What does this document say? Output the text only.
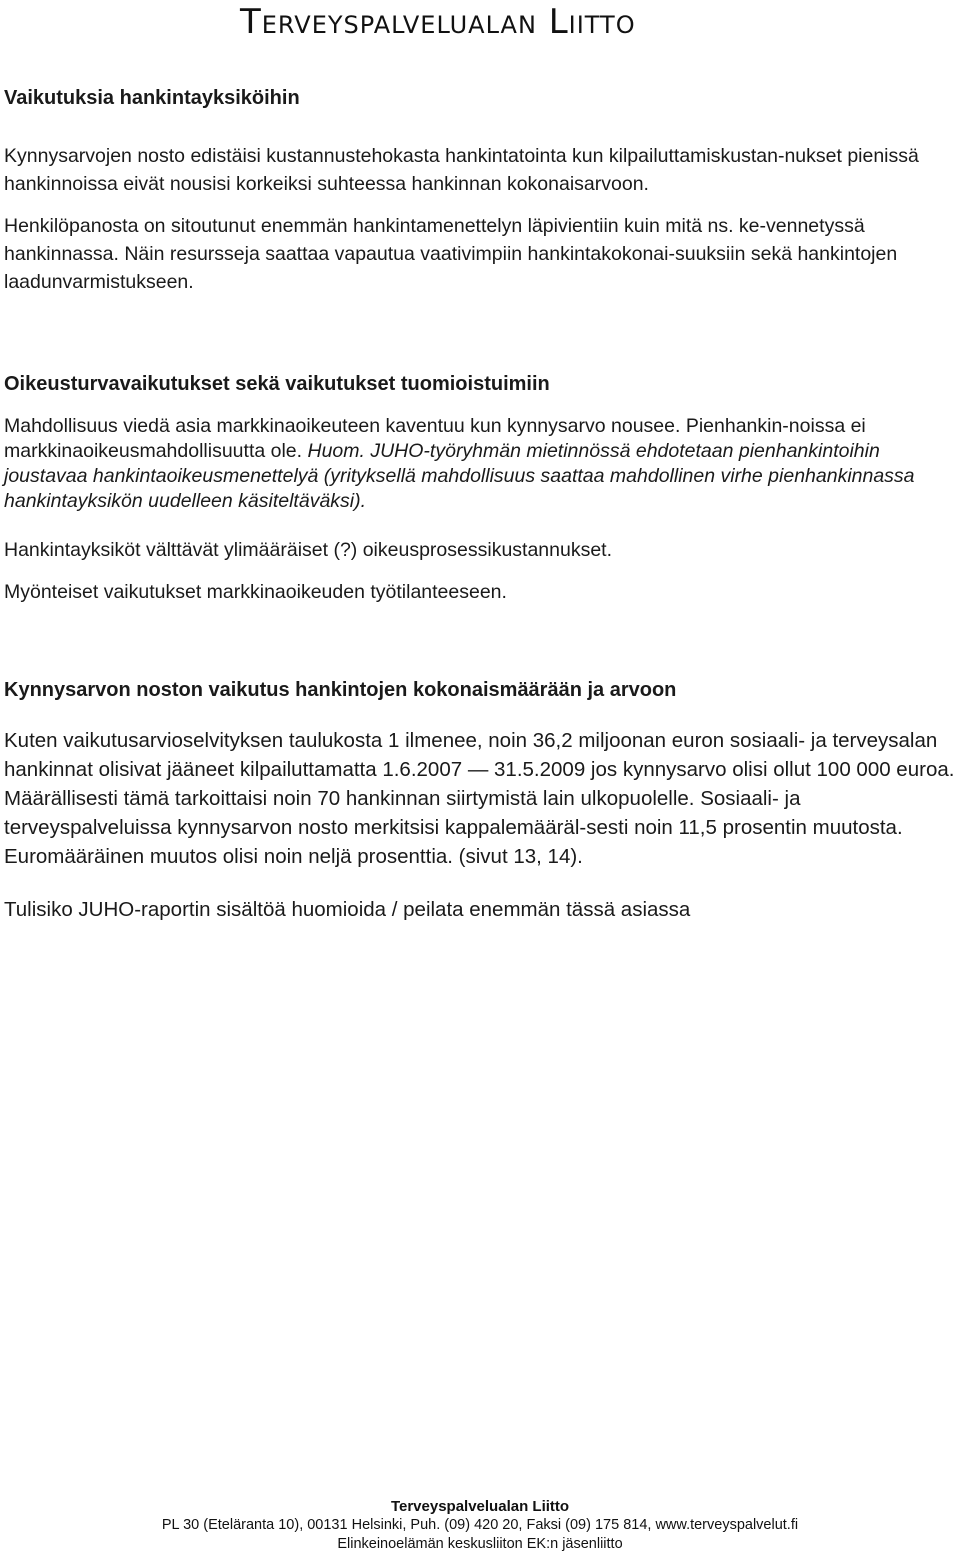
Terveyspalvelualan Liitto
Vaikutuksia hankintayksiköihin

Kynnysarvojen nosto edistäisi kustannustehokasta hankintatointa kun kilpailuttamiskustan-nukset pienissä hankinnoissa eivät nousisi korkeiksi suhteessa hankinnan kokonaisarvoon.

Henkilöpanosta on sitoutunut enemmän hankintamenettelyn läpivientiin kuin mitä ns. ke-vennetyssä hankinnassa. Näin resursseja saattaa vapautua vaativimpiin hankintakokonai-suuksiin sekä hankintojen laadunvarmistukseen.

Oikeusturvavaikutukset sekä vaikutukset tuomioistuimiin

Mahdollisuus viedä asia markkinaoikeuteen kaventuu kun kynnysarvo nousee. Pienhankin-noissa ei markkinaoikeusmahdollisuutta ole. Huom. JUHO-työryhmän mietinnössä ehdotetaan pienhankintoihin joustavaa hankintaoikeusmenettelyä (yrityksellä mahdollisuus saattaa mahdollinen virhe pienhankinnassa hankintayksikön uudelleen käsiteltäväksi).

Hankintayksiköt välttävät ylimääräiset (?) oikeusprosessikustannukset.

Myönteiset vaikutukset markkinaoikeuden työtilanteeseen.

Kynnysarvon noston vaikutus hankintojen kokonaismäärään ja arvoon

Kuten vaikutusarvioselvityksen taulukosta 1 ilmenee, noin 36,2 miljoonan euron sosiaali- ja terveysalan hankinnat olisivat jääneet kilpailuttamatta 1.6.2007 — 31.5.2009 jos kynnysarvo olisi ollut 100 000 euroa. Määrällisesti tämä tarkoittaisi noin 70 hankinnan siirtymistä lain ulkopuolelle. Sosiaali- ja terveyspalveluissa kynnysarvon nosto merkitsisi kappalemääräl-sesti noin 11,5 prosentin muutosta. Euromääräinen muutos olisi noin neljä prosenttia. (sivut 13, 14).

Tulisiko JUHO-raportin sisältöä huomioida / peilata enemmän tässä asiassa

Terveyspalvelualan Liitto
PL 30 (Eteläranta 10), 00131 Helsinki, Puh. (09) 420 20, Faksi (09) 175 814, www.terveyspalvelut.fi
Elinkeinoelämän keskusliiton EK:n jäsenliitto
